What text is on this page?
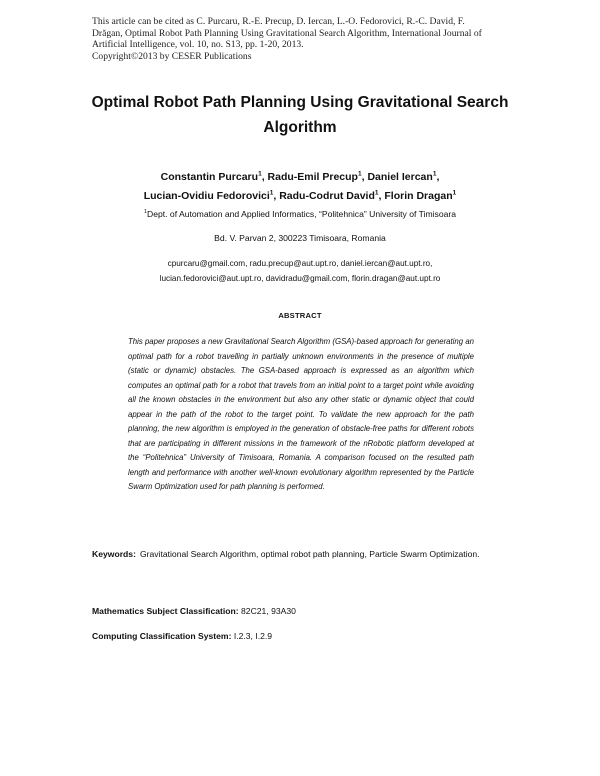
This article can be cited as C. Purcaru, R.-E. Precup, D. Iercan, L.-O. Fedorovici, R.-C. David, F.
Drăgan, Optimal Robot Path Planning Using Gravitational Search Algorithm, International Journal of
Artificial Intelligence, vol. 10, no. S13, pp. 1-20, 2013.
Copyright©2013 by CESER Publications
Optimal Robot Path Planning Using Gravitational Search
Algorithm
Constantin Purcaru$^1$, Radu-Emil Precup$^1$, Daniel Iercan$^1$,
Lucian-Ovidiu Fedorovici$^1$, Radu-Codrut David$^1$, Florin Dragan$^1$
$^1$Dept. of Automation and Applied Informatics, “Politehnica” University of Timisoara
Bd. V. Parvan 2, 300223 Timisoara, Romania
cpurcaru@gmail.com, radu.precup@aut.upt.ro, daniel.iercan@aut.upt.ro,
lucian.fedorovici@aut.upt.ro, davidradu@gmail.com, florin.dragan@aut.upt.ro
ABSTRACT
This paper proposes a new Gravitational Search Algorithm (GSA)-based approach for generating an optimal path for a robot travelling in partially unknown environments in the presence of multiple (static or dynamic) obstacles. The GSA-based approach is expressed as an algorithm which computes an optimal path for a robot that travels from an initial point to a target point while avoiding all the known obstacles in the environment but also any other static or dynamic object that could appear in the path of the robot to the target point. To validate the new approach for the path planning, the new algorithm is employed in the generation of obstacle-free paths for different robots that are participating in different missions in the framework of the nRobotic platform developed at the “Politehnica” University of Timisoara, Romania. A comparison focused on the resulted path length and performance with another well-known evolutionary algorithm represented by the Particle Swarm Optimization used for path planning is performed.
Keywords: Gravitational Search Algorithm, optimal robot path planning, Particle Swarm Optimization.
Mathematics Subject Classification: 82C21, 93A30
Computing Classification System: I.2.3, I.2.9
